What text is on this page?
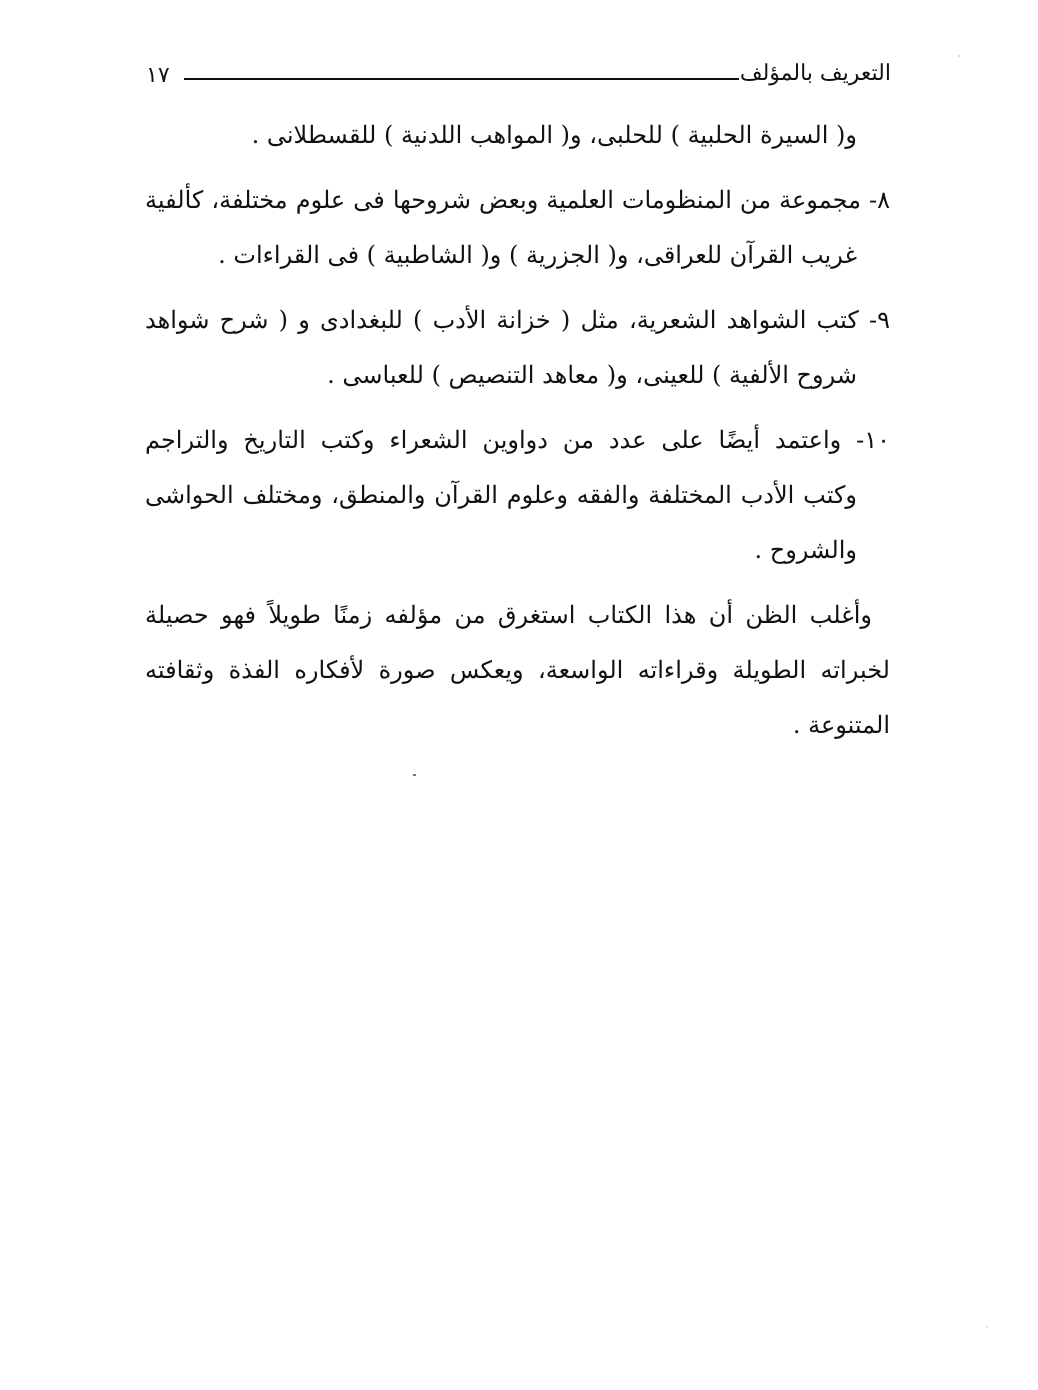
التعريف بالمؤلف
١٧
و( السيرة الحلبية ) للحلبى، و( المواهب اللدنية ) للقسطلانى .
٨- مجموعة من المنظومات العلمية وبعض شروحها فى علوم مختلفة، كألفية
غريب القرآن للعراقى، و( الجزرية ) و( الشاطبية ) فى القراءات .
٩- كتب الشواهد الشعرية، مثل ( خزانة الأدب ) للبغدادى و ( شرح شواهد
شروح الألفية ) للعينى، و( معاهد التنصيص ) للعباسى .
١٠- واعتمد أيضًا على عدد من دواوين الشعراء وكتب التاريخ والتراجم
وكتب الأدب المختلفة والفقه وعلوم القرآن والمنطق، ومختلف الحواشى
والشروح .
وأغلب الظن أن هذا الكتاب استغرق من مؤلفه زمنًا طويلاً فهو حصيلة
لخبراته الطويلة وقراءاته الواسعة، ويعكس صورة لأفكاره الفذة وثقافته
المتنوعة .
